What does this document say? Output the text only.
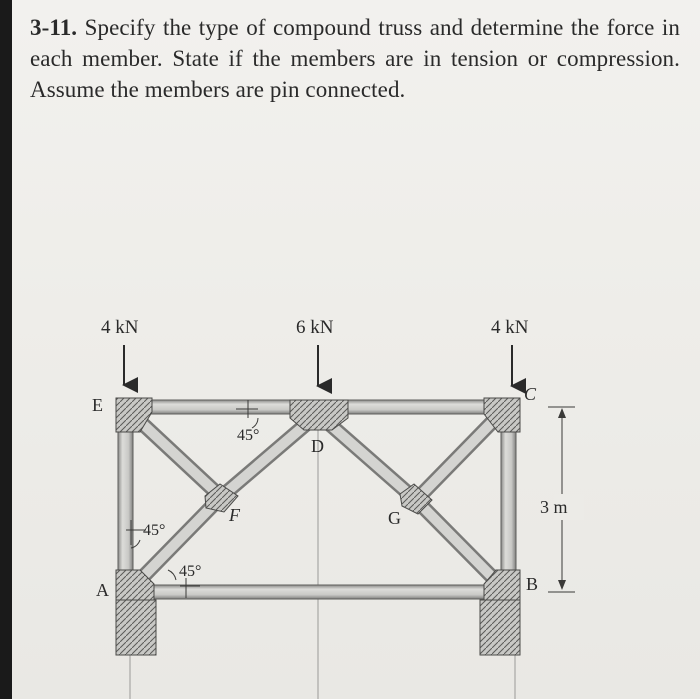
3-11. Specify the type of compound truss and determine the force in each member. State if the members are in tension or compression. Assume the members are pin connected.
4 kN	6 kN	4 kN
E
C
D
F	G
A	B
45°
45°
45°
3 m
